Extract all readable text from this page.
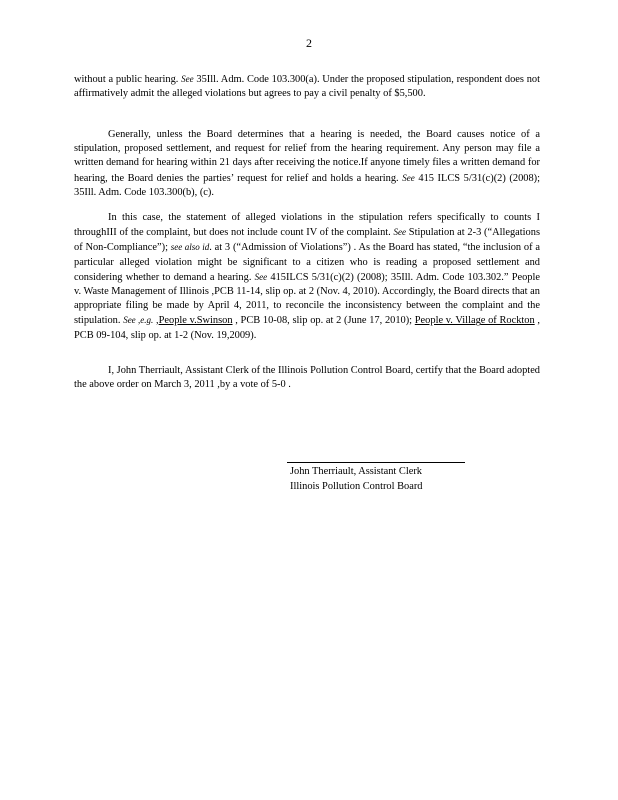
2

without a public hearing. See 35Ill. Adm. Code 103.300(a). Under the proposed stipulation, respondent does not affirmatively admit the alleged violations but agrees to pay a civil penalty of $5,500.

Generally, unless the Board determines that a hearing is needed, the Board causes notice of a stipulation, proposed settlement, and request for relief from the hearing requirement. Any person may file a written demand for hearing within 21 days after receiving the notice.If anyone timely files a written demand for hearing, the Board denies the parties’ request for relief and holds a hearing. See 415 ILCS 5/31(c)(2) (2008); 35Ill. Adm. Code 103.300(b), (c).

In this case, the statement of alleged violations in the stipulation refers specifically to counts I throughIII of the complaint, but does not include count IV of the complaint. See Stipulation at 2-3 (“Allegations of Non-Compliance”); see also id. at 3 (“Admission of Violations”) . As the Board has stated, “the inclusion of a particular alleged violation might be significant to a citizen who is reading a proposed settlement and considering whether to demand a hearing. See 415ILCS 5/31(c)(2) (2008); 35Ill. Adm. Code 103.302.” People v. Waste Management of Illinois ,PCB 11-14, slip op. at 2 (Nov. 4, 2010). Accordingly, the Board directs that an appropriate filing be made by April 4, 2011, to reconcile the inconsistency between the complaint and the stipulation. See ,e.g. ,People v.Swinson , PCB 10-08, slip op. at 2 (June 17, 2010); People v. Village of Rockton , PCB 09-104, slip op. at 1-2 (Nov. 19,2009).

I, John Therriault, Assistant Clerk of the Illinois Pollution Control Board, certify that the Board adopted the above order on March 3, 2011 ,by a vote of 5-0 .

John Therriault, Assistant Clerk
Illinois Pollution Control Board
